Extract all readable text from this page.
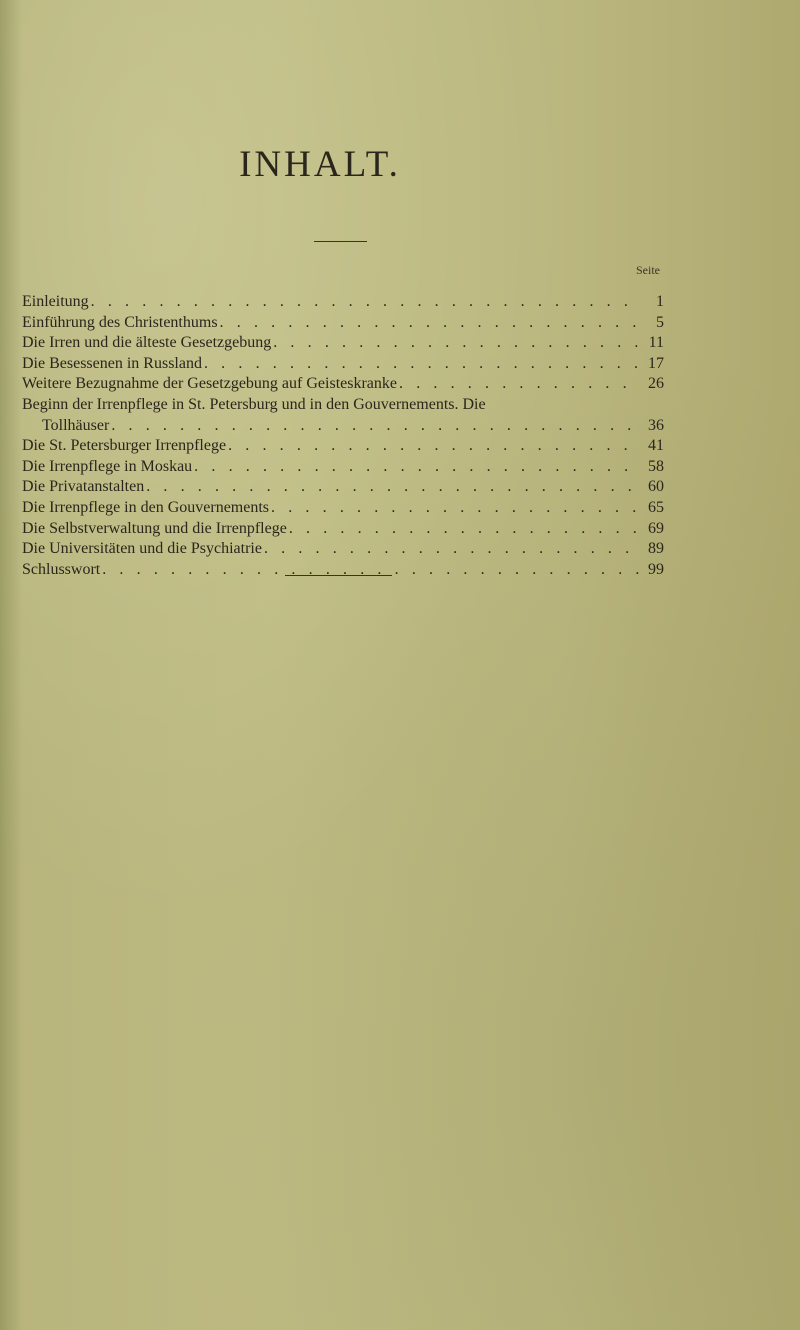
INHALT.
Seite
Einleitung . . .	1
Einführung des Christenthums . . .	5
Die Irren und die älteste Gesetzgebung . . .	11
Die Besessenen in Russland . . .	17
Weitere Bezugnahme der Gesetzgebung auf Geisteskranke . . .	26
Beginn der Irrenpflege in St. Petersburg und in den Gouvernements. Die
Tollhäuser . . .	36
Die St. Petersburger Irrenpflege . . .	41
Die Irrenpflege in Moskau . . .	58
Die Privatanstalten . . .	60
Die Irrenpflege in den Gouvernements . . .	65
Die Selbstverwaltung und die Irrenpflege . . .	69
Die Universitäten und die Psychiatrie . . .	89
Schlusswort . . .	99
